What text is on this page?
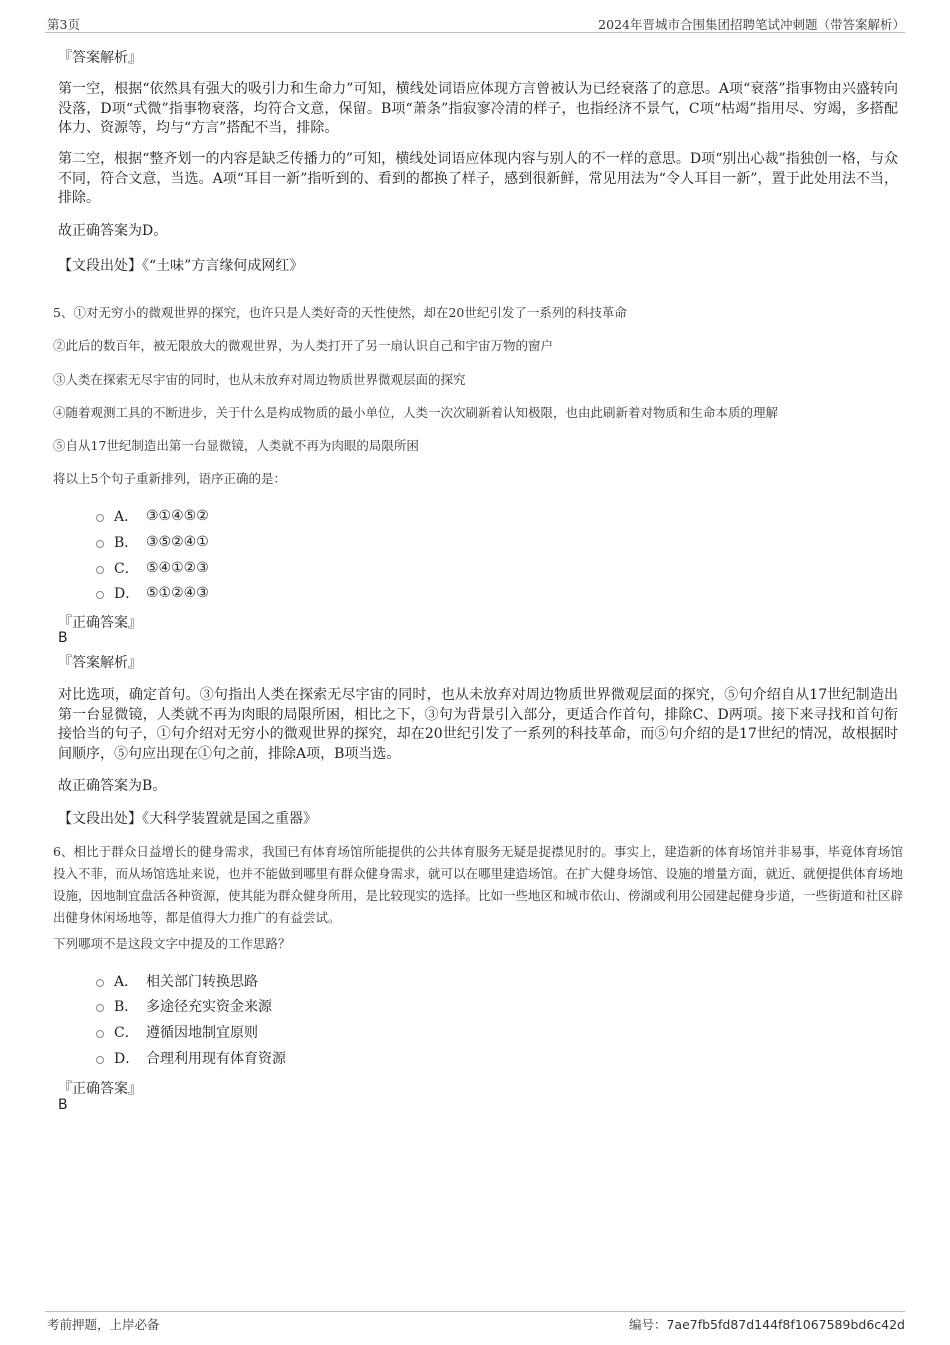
第3页	2024年晋城市合围集团招聘笔试冲刺题（带答案解析）
『答案解析』
第一空，根据“依然具有强大的吸引力和生命力”可知，横线处词语应体现方言曾被认为已经衰落了的意思。A项“衰落”指事物由兴盛转向没落，D项“式微”指事物衰落，均符合文意，保留。B项“萧条”指寂寥冷清的样子，也指经济不景气，C项“枯竭”指用尽、穷竭，多搭配体力、资源等，均与“方言”搭配不当，排除。
第二空，根据“整齐划一的内容是缺乏传播力的”可知，横线处词语应体现内容与别人的不一样的意思。D项“别出心裁”指独创一格，与众不同，符合文意，当选。A项“耳目一新”指听到的、看到的都换了样子，感到很新鲜，常见用法为“令人耳目一新”，置于此处用法不当，排除。
故正确答案为D。
【文段出处】《“土味”方言缘何成网红》
5、①对无穷小的微观世界的探究，也许只是人类好奇的天性使然，却在20世纪引发了一系列的科技革命
②此后的数百年，被无限放大的微观世界，为人类打开了另一扇认识自己和宇宙万物的窗户
③人类在探索无尽宇宙的同时，也从未放弃对周边物质世界微观层面的探究
④随着观测工具的不断进步，关于什么是构成物质的最小单位，人类一次次刷新着认知极限，也由此刷新着对物质和生命本质的理解
⑤自从17世纪制造出第一台显微镜，人类就不再为肉眼的局限所困
将以上5个句子重新排列，语序正确的是：
A． ③①④⑤②
B． ③⑤②④①
C． ⑤④①②③
D． ⑤①②④③
『正确答案』
B
『答案解析』
对比选项，确定首句。③句指出人类在探索无尽宇宙的同时，也从未放弃对周边物质世界微观层面的探究，⑤句介绍自从17世纪制造出第一台显微镜，人类就不再为肉眼的局限所困，相比之下，③句为背景引入部分，更适合作首句，排除C、D两项。接下来寻找和首句衔接恰当的句子，①句介绍对无穷小的微观世界的探究，却在20世纪引发了一系列的科技革命，而⑤句介绍的是17世纪的情况，故根据时间顺序，⑤句应出现在①句之前，排除A项，B项当选。
故正确答案为B。
【文段出处】《大科学装置就是国之重器》
6、相比于群众日益增长的健身需求，我国已有体育场馆所能提供的公共体育服务无疑是捉襟见肘的。事实上，建造新的体育场馆并非易事，毕竟体育场馆投入不菲，而从场馆选址来说，也并不能做到哪里有群众健身需求，就可以在哪里建造场馆。在扩大健身场馆、设施的增量方面，就近、就便提供体育场地设施，因地制宜盘活各种资源，使其能为群众健身所用，是比较现实的选择。比如一些地区和城市依山、傍湖或利用公园建起健身步道，一些街道和社区辟出健身休闲场地等，都是值得大力推广的有益尝试。
下列哪项不是这段文字中提及的工作思路？
A． 相关部门转换思路
B． 多途径充实资金来源
C． 遵循因地制宜原则
D． 合理利用现有体育资源
『正确答案』
B
考前押题，上岸必备	编号：7ae7fb5fd87d144f8f1067589bd6c42d
